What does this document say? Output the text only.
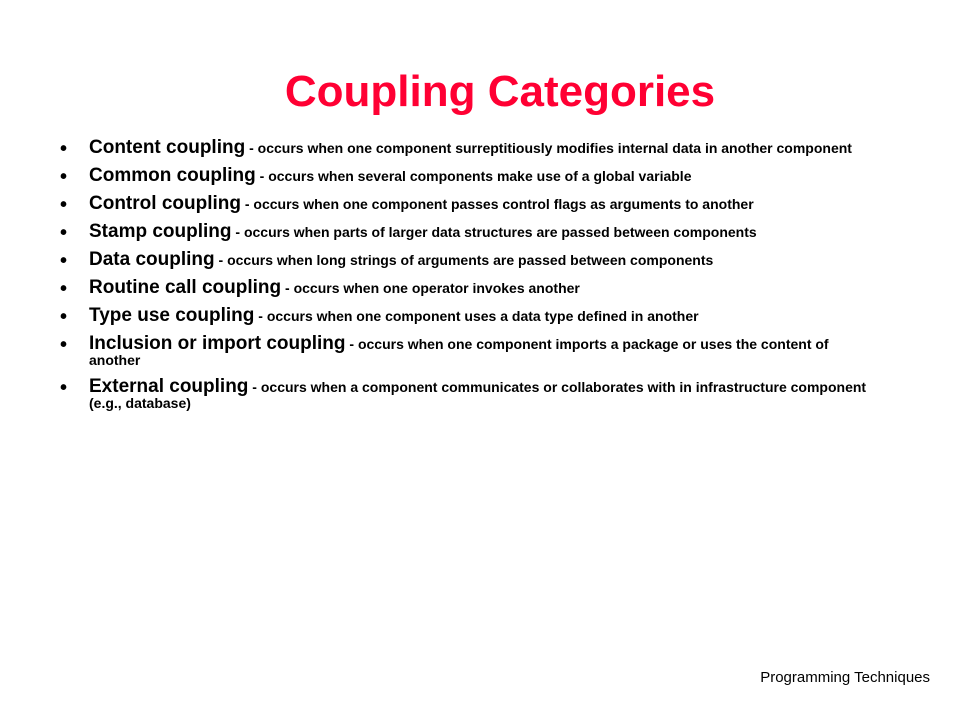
Coupling Categories
• Content coupling - occurs when one component surreptitiously modifies internal data in another component
• Common coupling - occurs when several components make use of a global variable
• Control coupling - occurs when one component passes control flags as arguments to another
• Stamp coupling - occurs when parts of larger data structures are passed between components
• Data coupling - occurs when long strings of arguments are passed between components
• Routine call coupling - occurs when one operator invokes another
• Type use coupling - occurs when one component uses a data type defined in another
• Inclusion or import coupling - occurs when one component imports a package or uses the content of another
• External coupling - occurs when a component communicates or collaborates with in infrastructure component (e.g., database)
Programming Techniques
